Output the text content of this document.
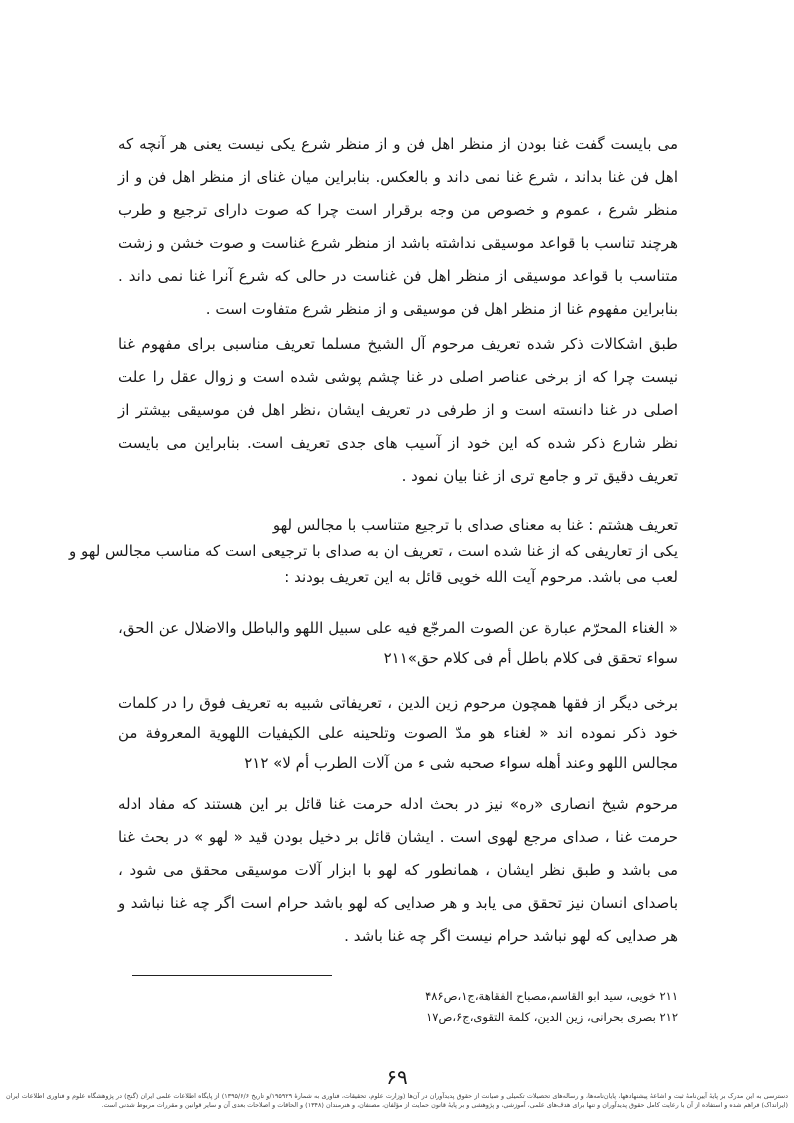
می بایست گفت غنا بودن از منظر اهل فن و از منظر شرع یکی نیست یعنی هر آنچه که اهل فن غنا بداند ، شرع غنا نمی داند و بالعکس. بنابراین میان غنای از منظر اهل فن و از منظر شرع ، عموم و خصوص من وجه برقرار است چرا که صوت دارای ترجیع و طرب هرچند تناسب با قواعد موسیقی نداشته باشد از منظر شرع غناست و صوت خشن و زشت متناسب با قواعد موسیقی از منظر اهل فن غناست در حالی که شرع آنرا غنا نمی داند . بنابراین مفهوم غنا از منظر اهل فن موسیقی و از منظر شرع متفاوت است .

طبق اشکالات ذکر شده تعریف مرحوم آل الشیخ مسلما تعریف مناسبی برای مفهوم غنا نیست چرا که از برخی عناصر اصلی در غنا چشم پوشی شده است و زوال عقل را علت اصلی در غنا دانسته است و از طرفی در تعریف ایشان ،نظر اهل فن موسیقی بیشتر از نظر شارع ذکر شده که این خود از آسیب های جدی تعریف است. بنابراین می بایست تعریف دقیق تر و جامع تری از غنا بیان نمود .

تعریف هشتم : غنا به معنای صدای با ترجیع متناسب با مجالس لهو
یکی از تعاریفی که از غنا شده است ، تعریف ان به صدای با ترجیعی است که مناسب مجالس لهو و
لعب می باشد. مرحوم آیت الله خویی قائل به این تعریف بودند :

« الغناء المحرّم عبارة عن الصوت المرجّع فیه علی سبیل اللهو والباطل والاضلال عن الحق، سواء تحقق فی کلام باطل أم فی کلام حق»۲۱۱

برخی دیگر از فقها همچون مرحوم زین الدین ، تعریفاتی شبیه به تعریف فوق را در کلمات خود ذکر نموده اند « لغناء هو مدّ الصوت وتلحینه علی الکیفیات اللهویة المعروفة من مجالس اللهو وعند أهله سواء صحبه شی ء من آلات الطرب أم لا» ۲۱۲

مرحوم شیخ انصاری «ره» نیز در بحث ادله حرمت غنا قائل بر این هستند که مفاد ادله حرمت غنا ، صدای مرجع لهوی است . ایشان قائل بر دخیل بودن قید « لهو » در بحث غنا می باشد و طبق نظر ایشان ، همانطور که لهو با ابزار آلات موسیقی محقق می شود ، باصدای انسان نیز تحقق می یابد و هر صدایی که لهو باشد حرام است اگر چه غنا نباشد و هر صدایی که لهو نباشد حرام نیست اگر چه غنا باشد .

۲۱۱ خویی، سید ابو القاسم،مصباح الفقاهة،ج۱،ص۴۸۶
۲۱۲ بصری بحرانی، زین الدین، کلمة التقوی،ج۶،ص۱۷
۶۹
دسترسی به این مدرک بر پایهٔ آیین‌نامهٔ ثبت و اشاعهٔ پیشنهادهها، پایان‌نامه‌ها، و رساله‌های تحصیلات تکمیلی و صیانت از حقوق پدیدآوران در آن‌ها (وزارت علوم، تحقیقات، فناوری به شمارهٔ ۱۹۵۹۲۹/و تاریخ ۱۳۹۵/۶/۶) از پایگاه اطلاعات علمی ایران (گنج) در پژوهشگاه علوم و فناوری اطلاعات ایران (ایرانداک) فراهم شده و استفاده از آن با رعایت کامل حقوق پدیدآوران و تنها برای هدف‌های علمی، آموزشی، و پژوهشی و بر پایهٔ قانون حمایت از مؤلفان، مصنفان، و هنرمندان (۱۳۴۸) و الحاقات و اصلاحات بعدی آن و سایر قوانین و مقررات مربوط شدنی است.
